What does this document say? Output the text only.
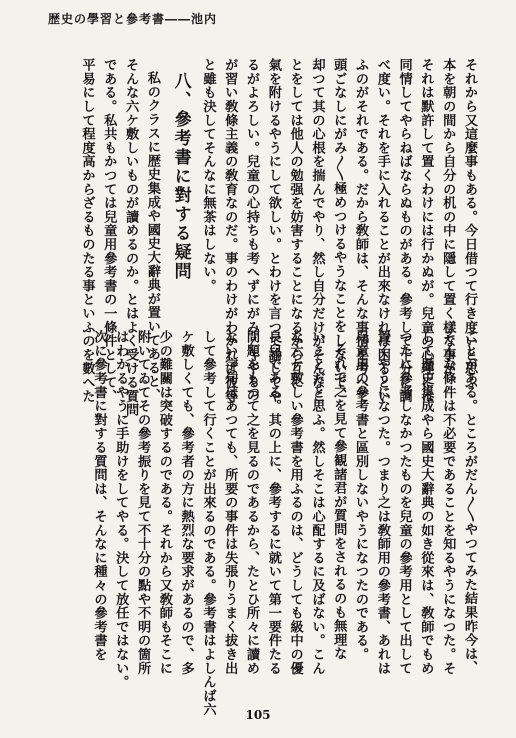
歴史の學習と參考書――池内
それから又這麼事もある。今日借つて行き度いと思ふ
本を朝の間から自分の机の中に隱して置く樣な事が。
それは默許して置くわけには行かぬが。兒童の心理には
同情してやらねばならぬものがある。參考して十分に調
べ度い。それを手に入れることが出來なければ困るとい
ふのがそれである。だから敎師は、そんな事情を考へて
頭ごなしにがみ〳〵極めつけるやうなことをしないで、
却つて其の心根を揣んでやり、然し自分だけがそんなこ
とをしては他人の勉强を妨害することになるから互に
氣を附けるやうにして欲しい。とわけを言つて諭してや
るがよろしい。兒童の心持ちも考へずにがみ〳〵やるの
が習い敎條主義の敎育なのだ。事のわけがわかれば彼等
と雖も決してそんなに無茶はしない。
八、參考書に對する疑問
私のクラスに歴史集成や國史大辭典が置いてあると、
そんな六ケ敷しいものが讀めるのか。とはよく受ける質問
である。私共もかつては兒童用參考書の一條件として、
平易にして程度高からざるものたる事といふのを數へた
ことがある。ところがだん〳〵やつてみた結果昨今は、
そんな條件は不必要であることを知るやうになつた。そ
して歴史集成やら國史大辭典の如き從來は、敎師でもめ
つたに參考しなかつたものを兒童の參考用として出して
置くやうになつた。つまり之は敎師用の參考書、あれは
兒童用の參考書と區別しないやうになつたのである。
それで之を見て參観諸君が質問をされるのも無理な
いことだと思ふ。然しそこは心配するに及ばない。こん
な六ケ敷しい參考書を用ふるのは、どうしても級中の優
良兒である。其の上に、參考するに就いて第一要件たる
問題をもつて之を見るのであるから、たとひ所々に讀め
ない字句はあつても、所要の事件は失張りうまく拔き出
して參考して行くことが出來るのである。參考書はよしんば六
ケ敷しくても、參考者の方に熱烈な要求があるので、多
少の難關は突破するのである。それから又敎師もそこに
附いてゐてその參考振りを見て不十分の點や不明の箇所
はわかるやうに手助けをしてやる。決して放任ではない。
次に參考書に對する質問は、そんなに種々の參考書を
105
